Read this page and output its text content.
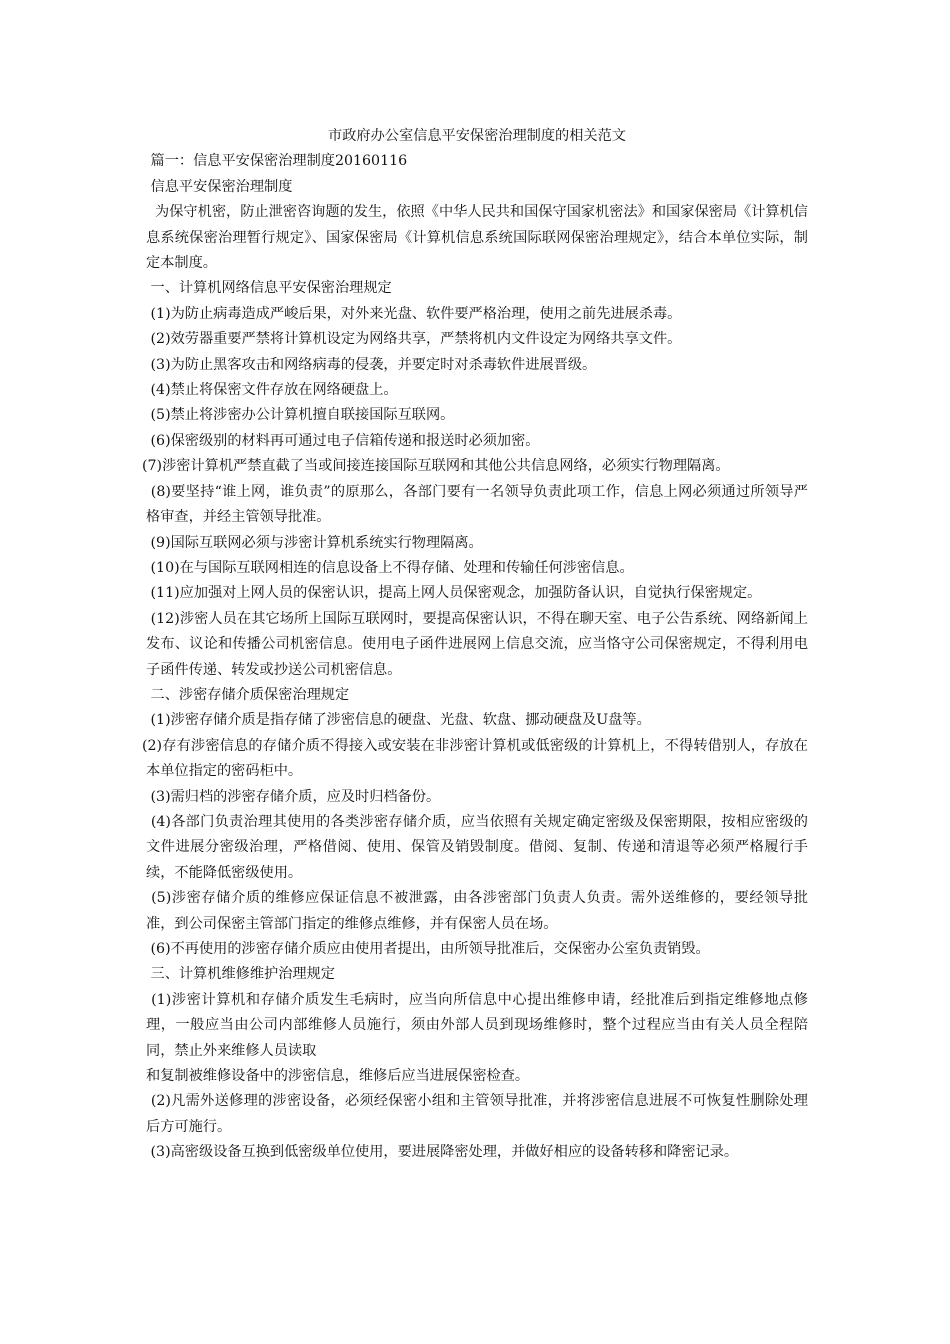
市政府办公室信息平安保密治理制度的相关范文
篇一：信息平安保密治理制度20160116
信息平安保密治理制度
为保守机密，防止泄密咨询题的发生，依照《中华人民共和国保守国家机密法》和国家保密局《计算机信息系统保密治理暂行规定》、国家保密局《计算机信息系统国际联网保密治理规定》，结合本单位实际，制定本制度。
一、计算机网络信息平安保密治理规定
(1)为防止病毒造成严峻后果，对外来光盘、软件要严格治理，使用之前先进展杀毒。
(2)效劳器重要严禁将计算机设定为网络共享，严禁将机内文件设定为网络共享文件。
(3)为防止黑客攻击和网络病毒的侵袭，并要定时对杀毒软件进展晋级。
(4)禁止将保密文件存放在网络硬盘上。
(5)禁止将涉密办公计算机擅自联接国际互联网。
(6)保密级别的材料再可通过电子信箱传递和报送时必须加密。
(7)涉密计算机严禁直截了当或间接连接国际互联网和其他公共信息网络，必须实行物理隔离。
(8)要坚持“谁上网，谁负责”的原那么，各部门要有一名领导负责此项工作，信息上网必须通过所领导严格审查，并经主管领导批准。
(9)国际互联网必须与涉密计算机系统实行物理隔离。
(10)在与国际互联网相连的信息设备上不得存储、处理和传输任何涉密信息。
(11)应加强对上网人员的保密认识，提高上网人员保密观念，加强防备认识，自觉执行保密规定。
(12)涉密人员在其它场所上国际互联网时，要提高保密认识，不得在聊天室、电子公告系统、网络新闻上发布、议论和传播公司机密信息。使用电子函件进展网上信息交流，应当恪守公司保密规定，不得利用电子函件传递、转发或抄送公司机密信息。
二、涉密存储介质保密治理规定
(1)涉密存储介质是指存储了涉密信息的硬盘、光盘、软盘、挪动硬盘及U盘等。
(2)存有涉密信息的存储介质不得接入或安装在非涉密计算机或低密级的计算机上，不得转借别人，存放在本单位指定的密码柜中。
(3)需归档的涉密存储介质，应及时归档备份。
(4)各部门负责治理其使用的各类涉密存储介质，应当依照有关规定确定密级及保密期限，按相应密级的文件进展分密级治理，严格借阅、使用、保管及销毁制度。借阅、复制、传递和清退等必须严格履行手续，不能降低密级使用。
(5)涉密存储介质的维修应保证信息不被泄露，由各涉密部门负责人负责。需外送维修的，要经领导批准，到公司保密主管部门指定的维修点维修，并有保密人员在场。
(6)不再使用的涉密存储介质应由使用者提出，由所领导批准后，交保密办公室负责销毁。
三、计算机维修维护治理规定
(1)涉密计算机和存储介质发生毛病时，应当向所信息中心提出维修申请，经批准后到指定维修地点修理，一般应当由公司内部维修人员施行，须由外部人员到现场维修时，整个过程应当由有关人员全程陪同，禁止外来维修人员读取
和复制被维修设备中的涉密信息，维修后应当进展保密检查。
(2)凡需外送修理的涉密设备，必须经保密小组和主管领导批准，并将涉密信息进展不可恢复性删除处理后方可施行。
(3)高密级设备互换到低密级单位使用，要进展降密处理，并做好相应的设备转移和降密记录。
